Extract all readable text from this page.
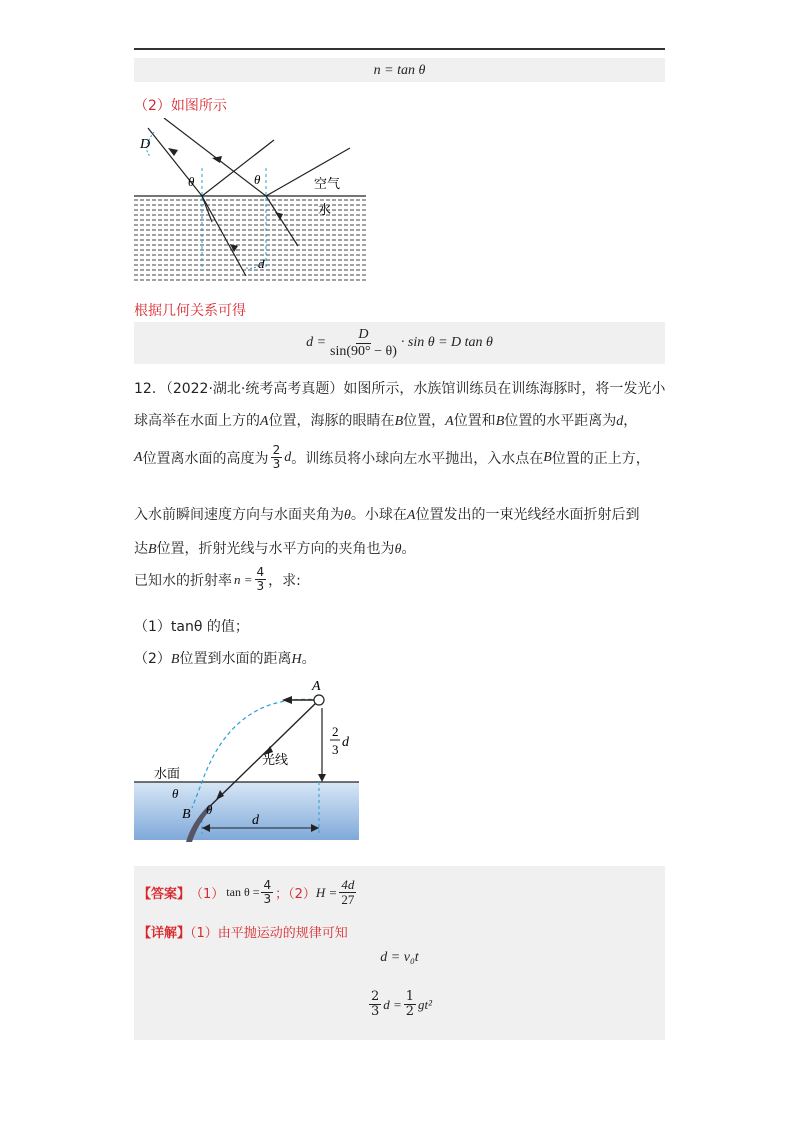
n = tan θ
（2）如图所示
D
θ	θ	空气
水
d
根据几何关系可得
$d = \frac{D}{\sin(90^\circ - \theta)} \cdot \sin \theta = D$ tan θ
12．（2022·湖北·统考高考真题）如图所示，水族馆训练员在训练海豚时，将一发光小
球高举在水面上方的A位置，海豚的眼睛在B位置，A位置和B位置的水平距离为d，
A 位置离水面的高度为 $\frac{2}{3}$ d 。训练员将小球向左水平抛出，入水点在 B 位置的正上方，
入水前瞬间速度方向与水面夹角为θ。小球在A位置发出的一束光线经水面折射后到
达B位置，折射光线与水平方向的夹角也为θ。
已知水的折射率 $n = \frac{4}{3}$ ，求:
（1）tanθ 的值；
（2）B位置到水面的距离H。
2
3 d
d
A
B
光线
水面
θ
θ
【答案】 （1） $\tan \theta = \frac{4}{3}$ ；（2） $H = \frac{4d}{27}$
【详解】（1）由平抛运动的规律可知
d = v₀t
$\frac{2}{3}$ $d = \frac{1}{2} gt^2$
